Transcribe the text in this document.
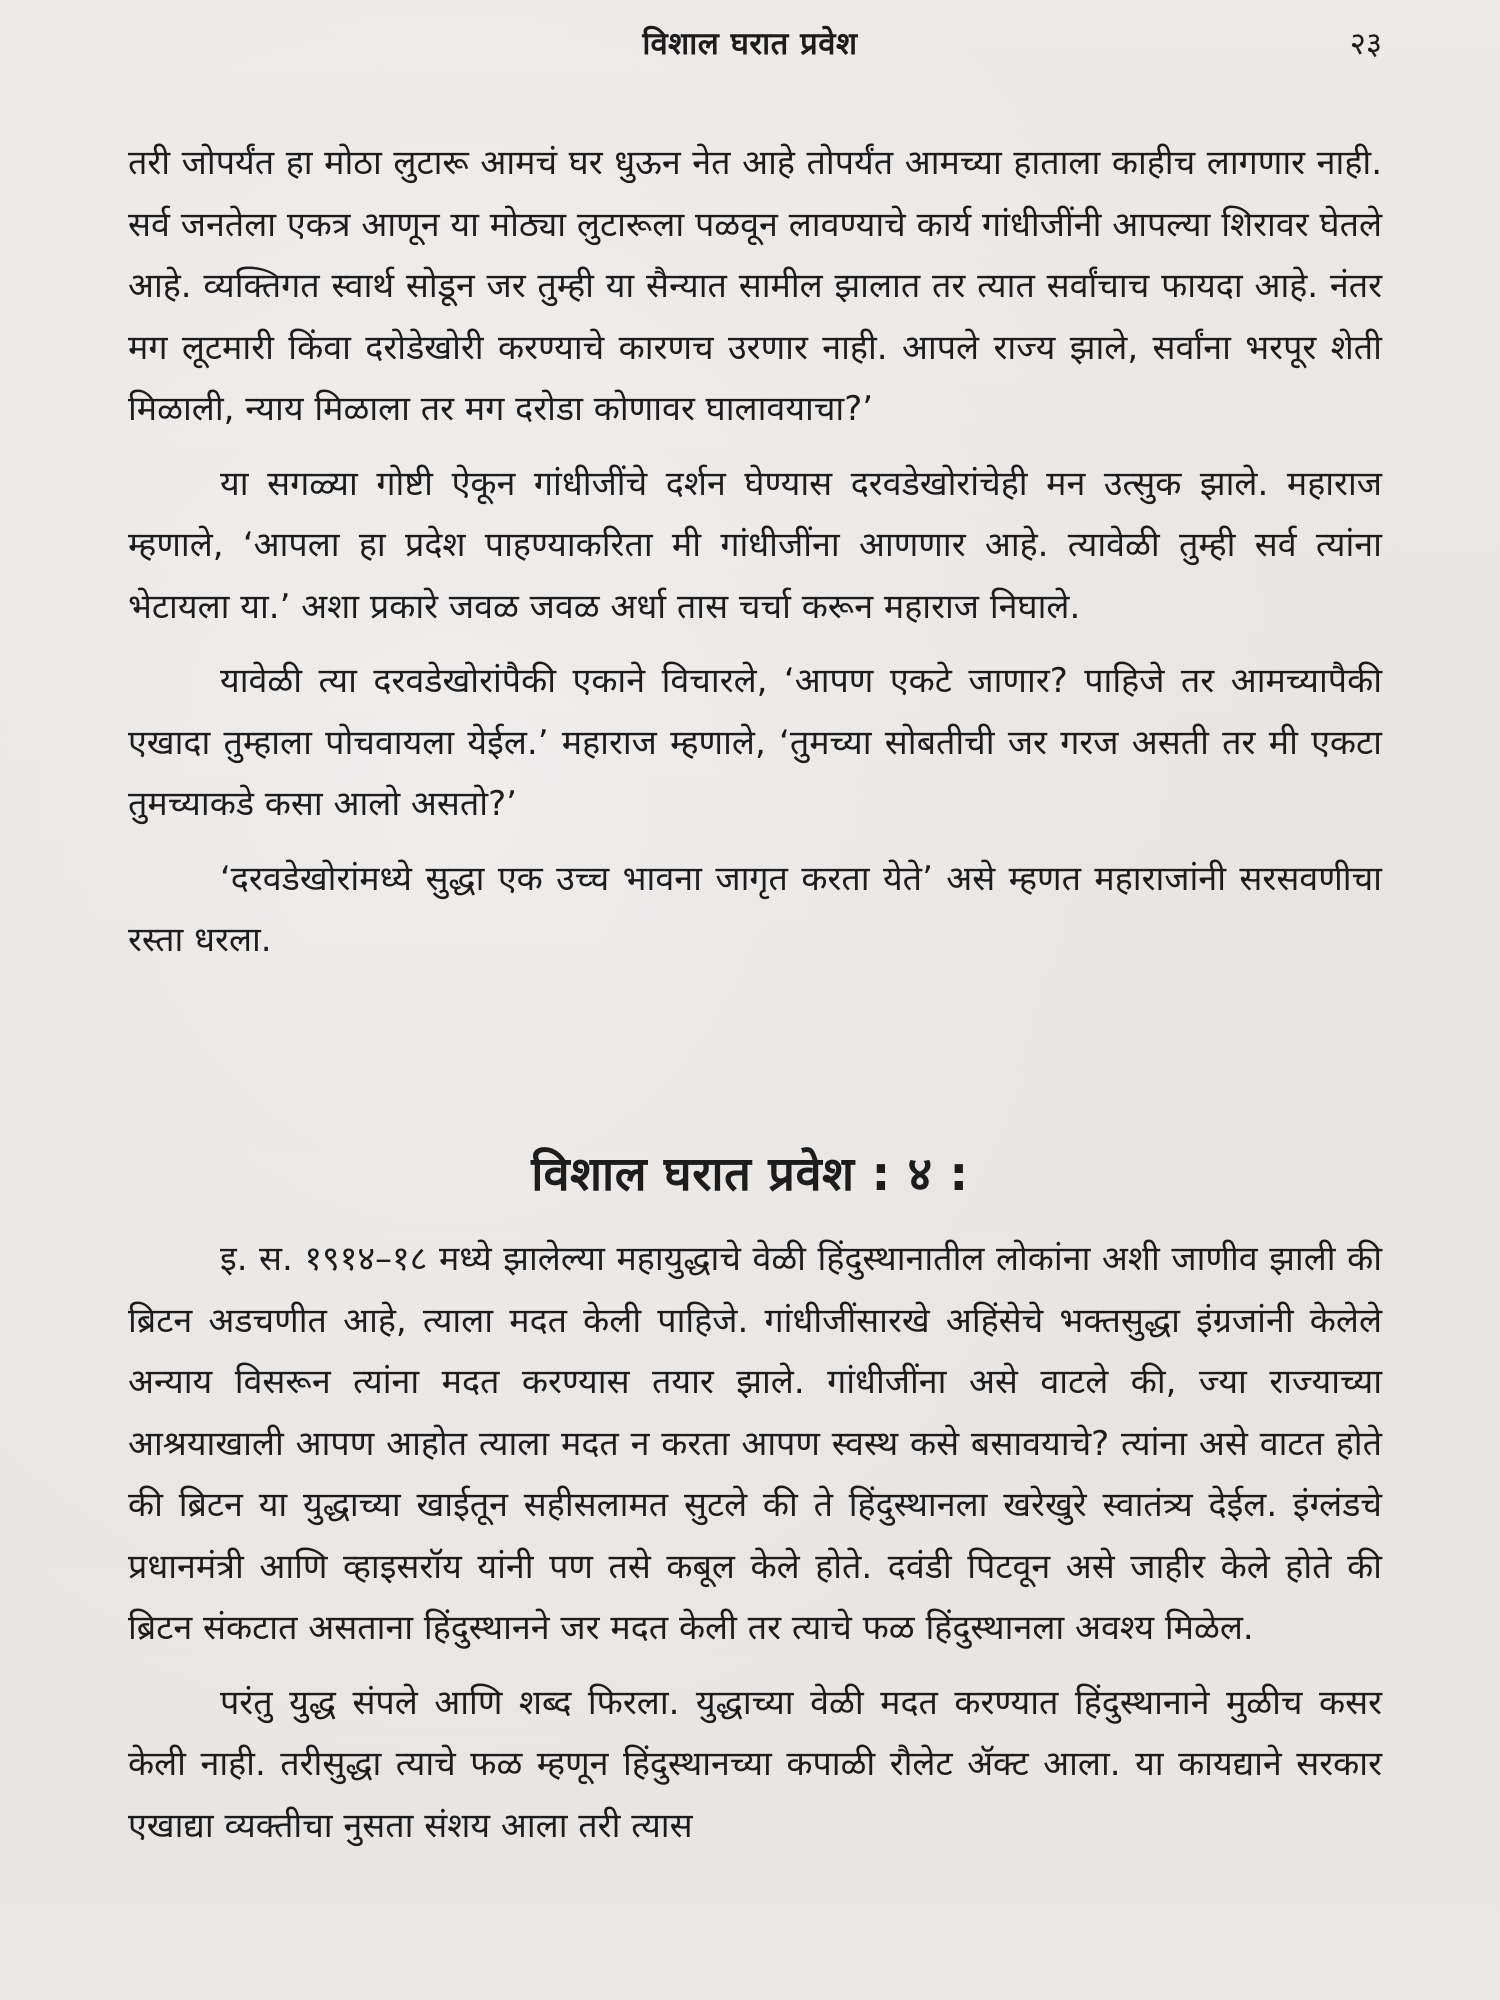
विशाल घरात प्रवेश	२३

तरी जोपर्यंत हा मोठा लुटारू आमचं घर धुऊन नेत आहे तोपर्यंत आमच्या हाताला काहीच लागणार नाही. सर्व जनतेला एकत्र आणून या मोठ्या लुटारूला पळवून लावण्याचे कार्य गांधीजींनी आपल्या शिरावर घेतले आहे. व्यक्तिगत स्वार्थ सोडून जर तुम्ही या सैन्यात सामील झालात तर त्यात सर्वांचाच फायदा आहे. नंतर मग लूटमारी किंवा दरोडेखोरी करण्याचे कारणच उरणार नाही. आपले राज्य झाले, सर्वांना भरपूर शेती मिळाली, न्याय मिळाला तर मग दरोडा कोणावर घालावयाचा?’

या सगळ्या गोष्टी ऐकून गांधीजींचे दर्शन घेण्यास दरवडेखोरांचेही मन उत्सुक झाले. महाराज म्हणाले, ‘आपला हा प्रदेश पाहण्याकरिता मी गांधीजींना आणणार आहे. त्यावेळी तुम्ही सर्व त्यांना भेटायला या.’ अशा प्रकारे जवळ जवळ अर्धा तास चर्चा करून महाराज निघाले.

यावेळी त्या दरवडेखोरांपैकी एकाने विचारले, ‘आपण एकटे जाणार? पाहिजे तर आमच्यापैकी एखादा तुम्हाला पोचवायला येईल.’ महाराज म्हणाले, ‘तुमच्या सोबतीची जर गरज असती तर मी एकटा तुमच्याकडे कसा आलो असतो?’

‘दरवडेखोरांमध्ये सुद्धा एक उच्च भावना जागृत करता येते’ असे म्हणत महाराजांनी सरसवणीचा रस्ता धरला.

विशाल घरात प्रवेश : ४ :

इ. स. १९१४–१८ मध्ये झालेल्या महायुद्धाचे वेळी हिंदुस्थानातील लोकांना अशी जाणीव झाली की ब्रिटन अडचणीत आहे, त्याला मदत केली पाहिजे. गांधीजींसारखे अहिंसेचे भक्तसुद्धा इंग्रजांनी केलेले अन्याय विसरून त्यांना मदत करण्यास तयार झाले. गांधीजींना असे वाटले की, ज्या राज्याच्या आश्रयाखाली आपण आहोत त्याला मदत न करता आपण स्वस्थ कसे बसावयाचे? त्यांना असे वाटत होते की ब्रिटन या युद्धाच्या खाईतून सहीसलामत सुटले की ते हिंदुस्थानला खरेखुरे स्वातंत्र्य देईल. इंग्लंडचे प्रधानमंत्री आणि व्हाइसरॉय यांनी पण तसे कबूल केले होते. दवंडी पिटवून असे जाहीर केले होते की ब्रिटन संकटात असताना हिंदुस्थानने जर मदत केली तर त्याचे फळ हिंदुस्थानला अवश्य मिळेल.

परंतु युद्ध संपले आणि शब्द फिरला. युद्धाच्या वेळी मदत करण्यात हिंदुस्थानाने मुळीच कसर केली नाही. तरीसुद्धा त्याचे फळ म्हणून हिंदुस्थानच्या कपाळी रौलेट ॲक्ट आला. या कायद्याने सरकार एखाद्या व्यक्तीचा नुसता संशय आला तरी त्यास
